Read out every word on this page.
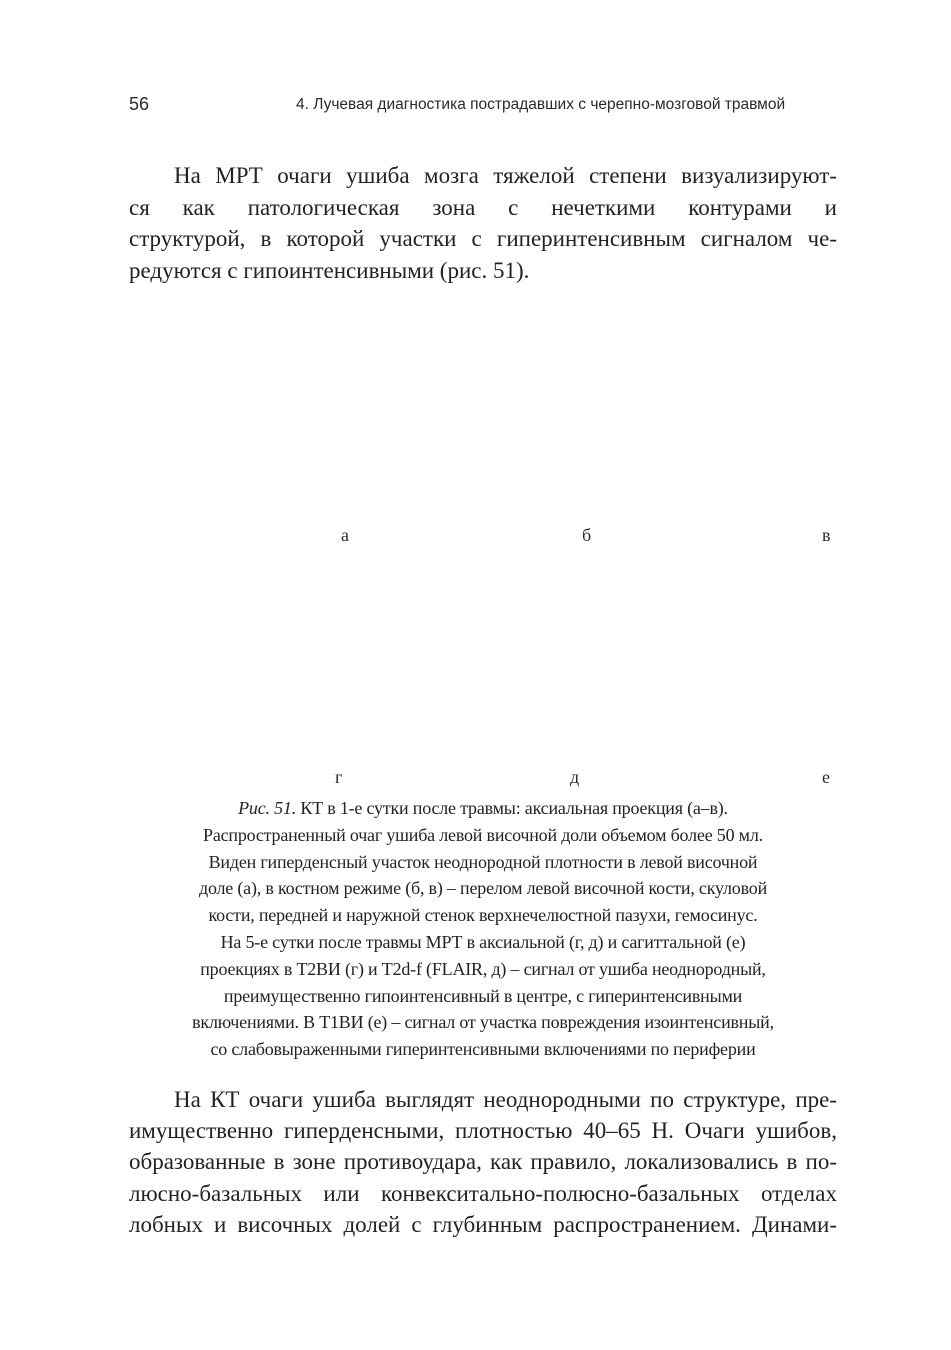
56	4. Лучевая диагностика пострадавших с черепно-мозговой травмой
На МРТ очаги ушиба мозга тяжелой степени визуализируют-
ся как патологическая зона с нечеткими контурами и
структурой, в которой участки с гиперинтенсивным сигналом че-
редуются с гипоинтенсивными (рис. 51).
а	б	в
г	д	е
Рис. 51. КТ в 1-е сутки после травмы: аксиальная проекция (а–в).
Распространенный очаг ушиба левой височной доли объемом более 50 мл.
Виден гиперденсный участок неоднородной плотности в левой височной
доле (а), в костном режиме (б, в) – перелом левой височной кости, скуловой
кости, передней и наружной стенок верхнечелюстной пазухи, гемосинус.
На 5-е сутки после травмы МРТ в аксиальной (г, д) и сагиттальной (е)
проекциях в Т2ВИ (г) и Т2d-f (FLAIR, д) – сигнал от ушиба неоднородный,
преимущественно гипоинтенсивный в центре, с гиперинтенсивными
включениями. В Т1ВИ (е) – сигнал от участка повреждения изоинтенсивный,
со слабовыраженными гиперинтенсивными включениями по периферии
На КТ очаги ушиба выглядят неоднородными по структуре, пре-
имущественно гиперденсными, плотностью 40–65 Н. Очаги ушибов,
образованные в зоне противоудара, как правило, локализовались в по-
люсно-базальных или конвекситально-полюсно-базальных отделах
лобных и височных долей с глубинным распространением. Динами-
